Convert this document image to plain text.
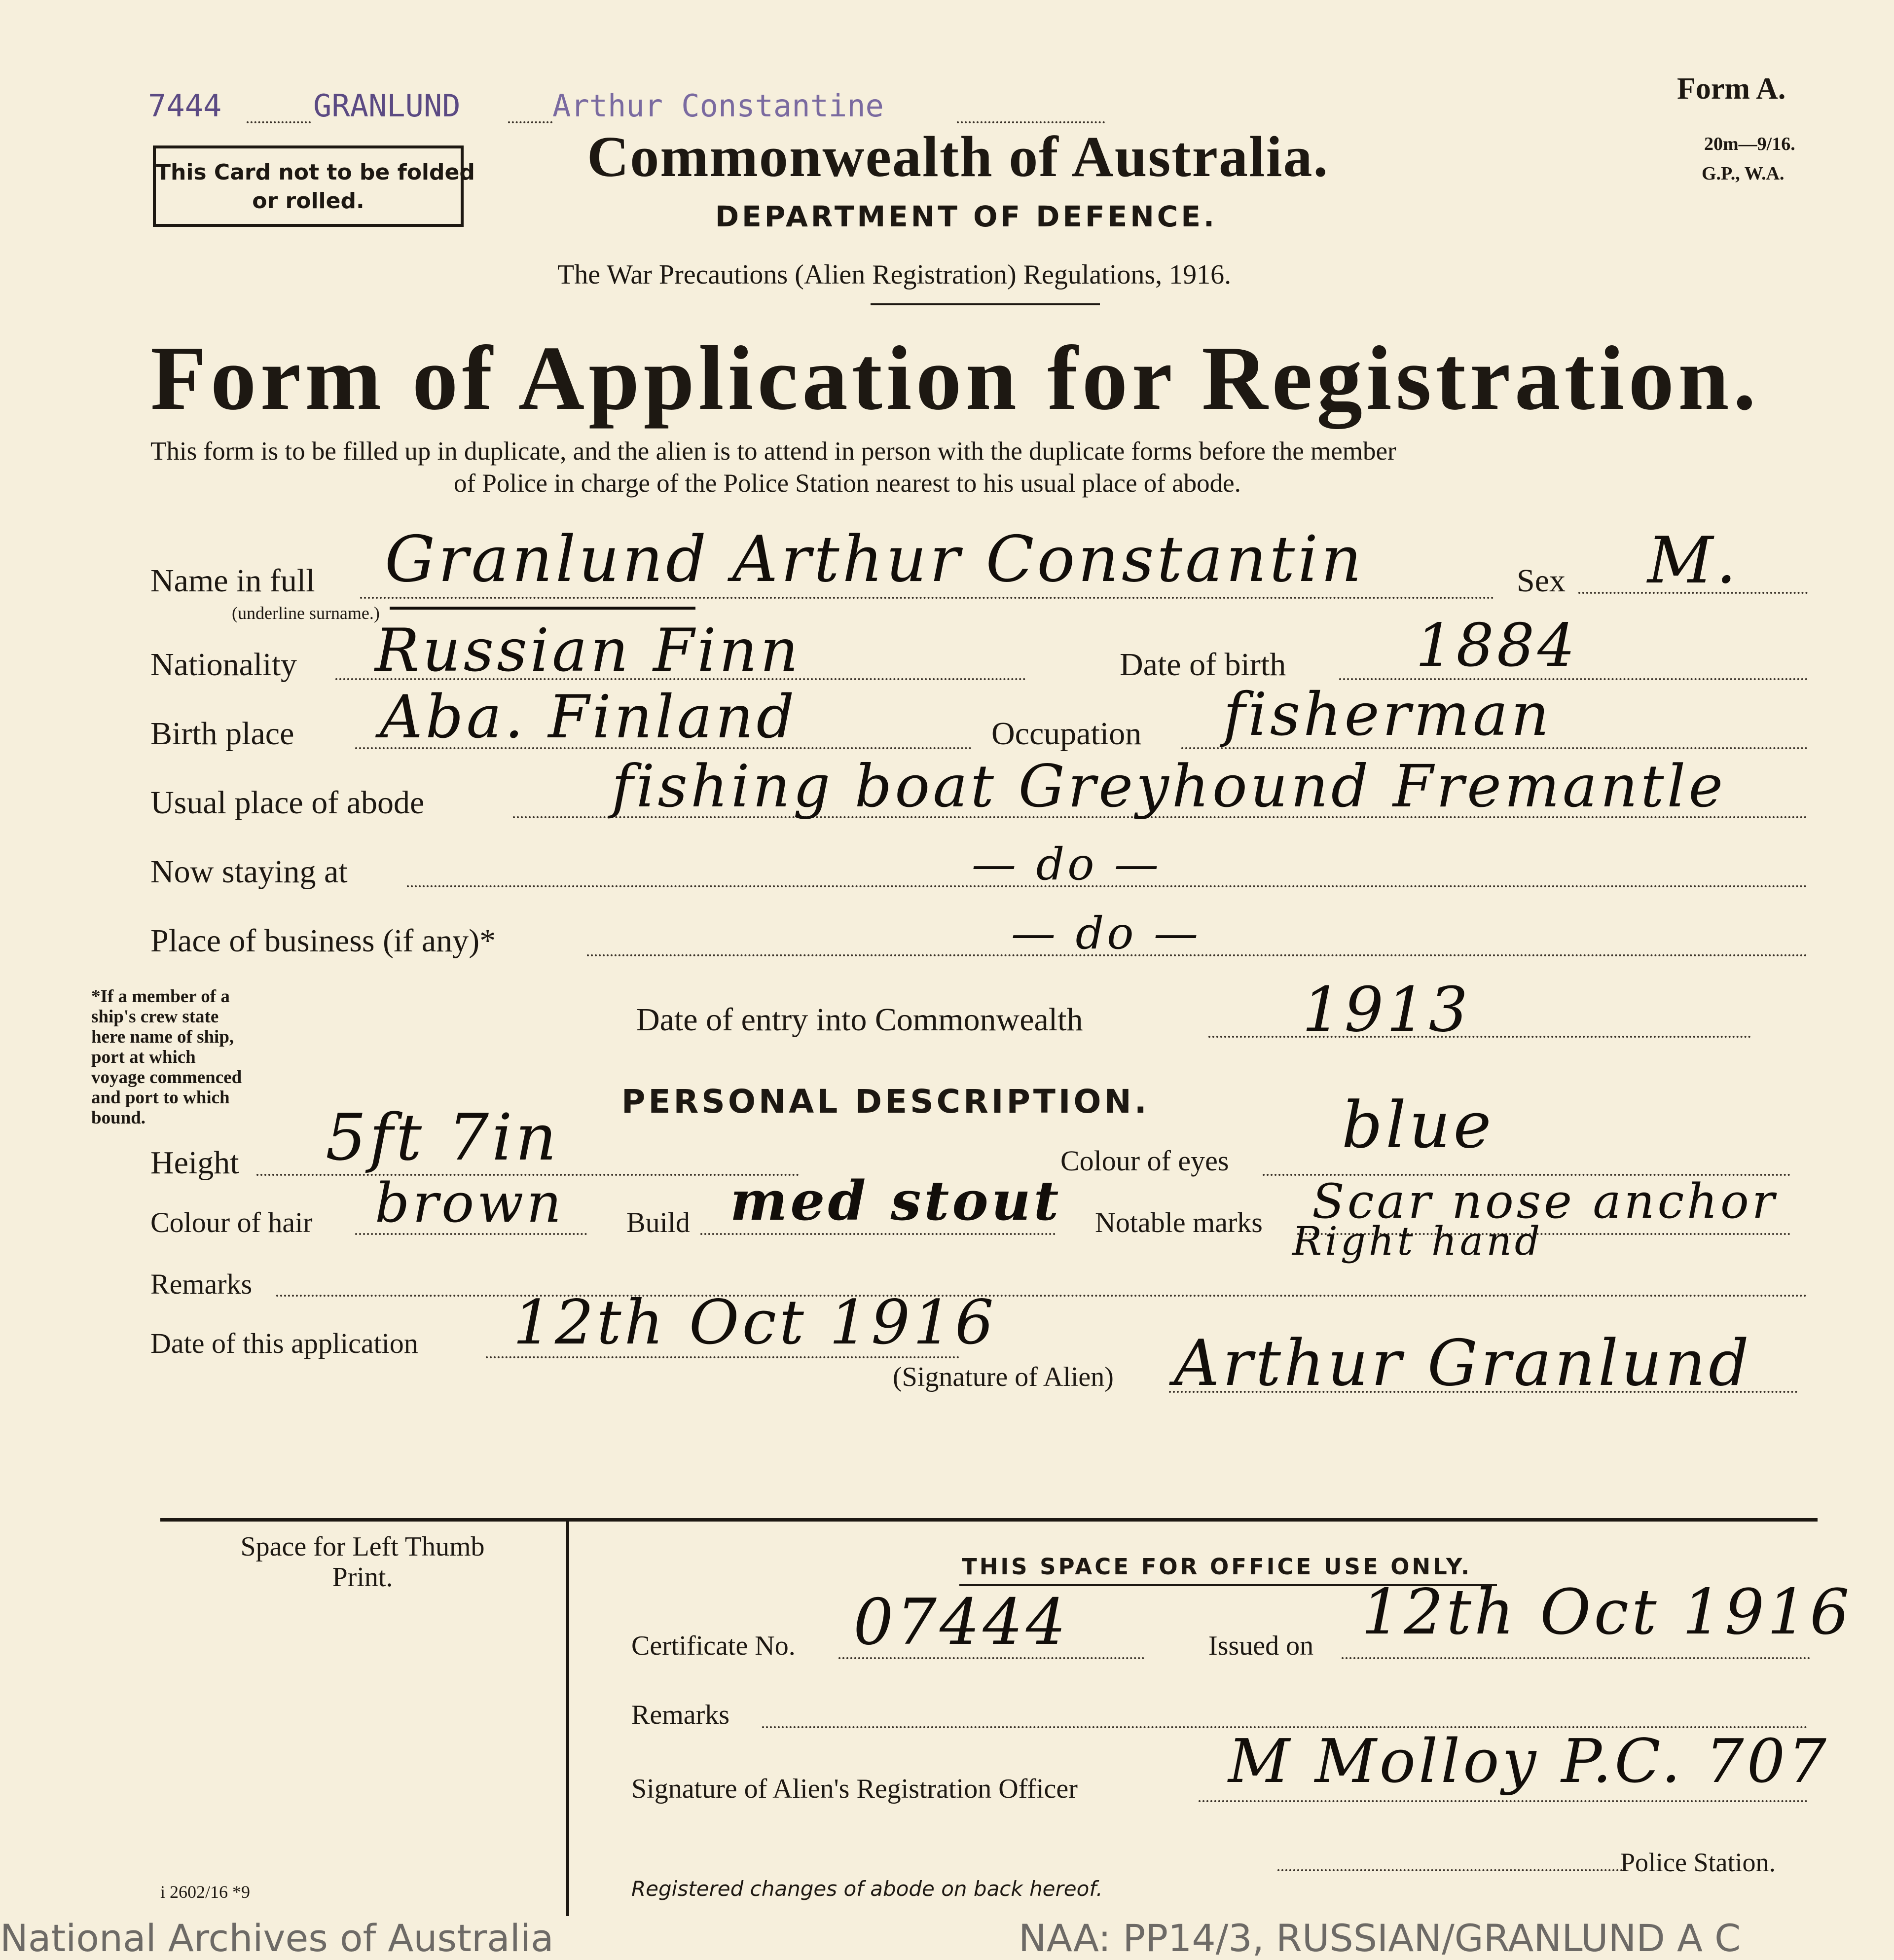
7444	GRANLUND	Arthur Constantine	Form A.
20m—9/16.
G.P., W.A.
This Card not to be folded
or rolled.
Commonwealth of Australia.
DEPARTMENT OF DEFENCE.
The War Precautions (Alien Registration) Regulations, 1916.
Form of Application for Registration.
This form is to be filled up in duplicate, and the alien is to attend in person with the duplicate forms before the member
of Police in charge of the Police Station nearest to his usual place of abode.
Name in full Granlund Arthur Constantin
(underline surname.)
Sex M.
Nationality Russian Finn	Date of birth 1884
Birth place Aba. Finland	Occupation fisherman
Usual place of abode	fishing boat Greyhound Fremantle
Now staying at	— do —
Place of business (if any)*	— do —
*If a member of a
ship's crew state
here name of ship,
port at which
voyage commenced
and port to which
bound.
Date of entry into Commonwealth	1913
PERSONAL DESCRIPTION.
Height 5ft 7in	Colour of eyes blue
Colour of hair brown Build med stout Notable marks Scar nose anchor
Right hand
Remarks
Date of this application 12th Oct 1916
(Signature of Alien) Arthur Granlund
Space for Left Thumb
Print.
i 2602/16 *9
THIS SPACE FOR OFFICE USE ONLY.
Certificate No. 07444	Issued on 12th Oct 1916
Remarks
Signature of Alien's Registration Officer	M Molloy P.C. 707
Police Station.
Registered changes of abode on back hereof.
National Archives of Australia	NAA: PP14/3, RUSSIAN/GRANLUND A C
